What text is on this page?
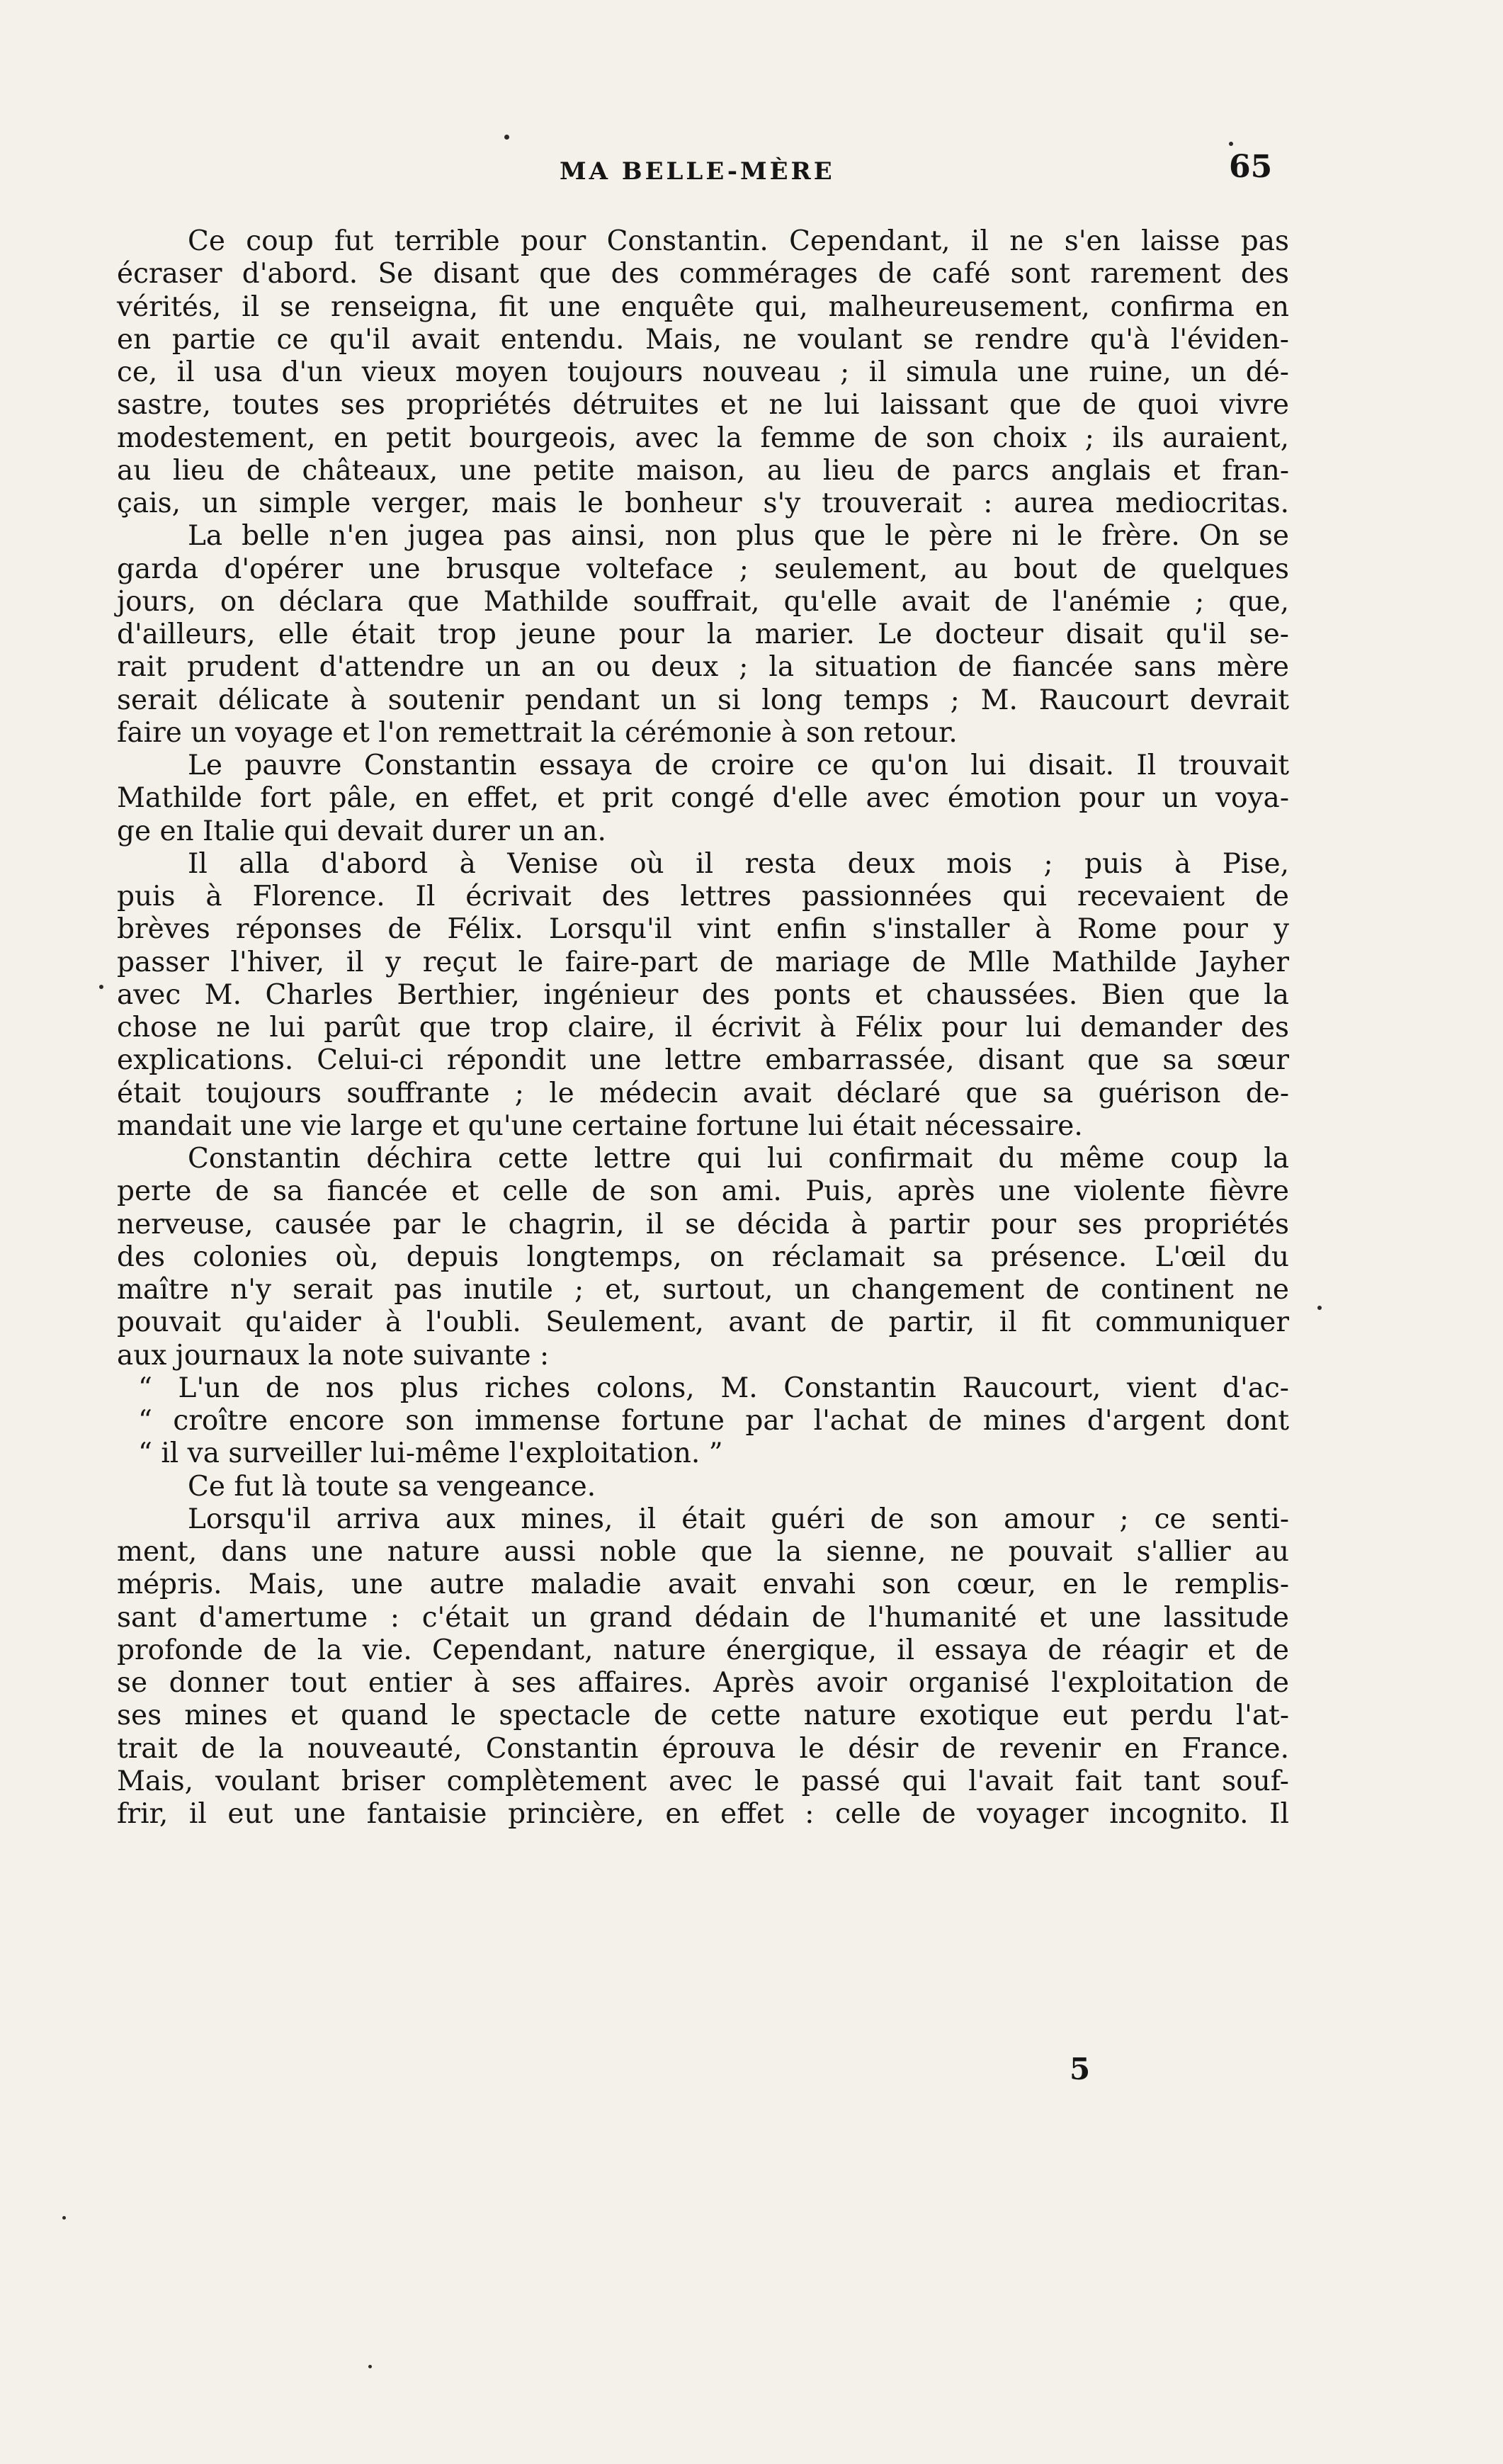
MA BELLE-MÈRE	65
Ce coup fut terrible pour Constantin. Cependant, il ne s'en laisse pas
écraser d'abord. Se disant que des commérages de café sont rarement des
vérités, il se renseigna, fit une enquête qui, malheureusement, confirma en
en partie ce qu'il avait entendu. Mais, ne voulant se rendre qu'à l'éviden-
ce, il usa d'un vieux moyen toujours nouveau ; il simula une ruine, un dé-
sastre, toutes ses propriétés détruites et ne lui laissant que de quoi vivre
modestement, en petit bourgeois, avec la femme de son choix ; ils auraient,
au lieu de châteaux, une petite maison, au lieu de parcs anglais et fran-
çais, un simple verger, mais le bonheur s'y trouverait : aurea mediocritas.
La belle n'en jugea pas ainsi, non plus que le père ni le frère. On se
garda d'opérer une brusque volteface ; seulement, au bout de quelques
jours, on déclara que Mathilde souffrait, qu'elle avait de l'anémie ; que,
d'ailleurs, elle était trop jeune pour la marier. Le docteur disait qu'il se-
rait prudent d'attendre un an ou deux ; la situation de fiancée sans mère
serait délicate à soutenir pendant un si long temps ; M. Raucourt devrait
faire un voyage et l'on remettrait la cérémonie à son retour.
Le pauvre Constantin essaya de croire ce qu'on lui disait. Il trouvait
Mathilde fort pâle, en effet, et prit congé d'elle avec émotion pour un voya-
ge en Italie qui devait durer un an.
Il alla d'abord à Venise où il resta deux mois ; puis à Pise,
puis à Florence. Il écrivait des lettres passionnées qui recevaient de
brèves réponses de Félix. Lorsqu'il vint enfin s'installer à Rome pour y
passer l'hiver, il y reçut le faire-part de mariage de Mlle Mathilde Jayher
avec M. Charles Berthier, ingénieur des ponts et chaussées. Bien que la
chose ne lui parût que trop claire, il écrivit à Félix pour lui demander des
explications. Celui-ci répondit une lettre embarrassée, disant que sa sœur
était toujours souffrante ; le médecin avait déclaré que sa guérison de-
mandait une vie large et qu'une certaine fortune lui était nécessaire.
Constantin déchira cette lettre qui lui confirmait du même coup la
perte de sa fiancée et celle de son ami. Puis, après une violente fièvre
nerveuse, causée par le chagrin, il se décida à partir pour ses propriétés
des colonies où, depuis longtemps, on réclamait sa présence. L'œil du
maître n'y serait pas inutile ; et, surtout, un changement de continent ne
pouvait qu'aider à l'oubli. Seulement, avant de partir, il fit communiquer
aux journaux la note suivante :
“ L'un de nos plus riches colons, M. Constantin Raucourt, vient d'ac-
“ croître encore son immense fortune par l'achat de mines d'argent dont
“ il va surveiller lui-même l'exploitation. ”
Ce fut là toute sa vengeance.
Lorsqu'il arriva aux mines, il était guéri de son amour ; ce senti-
ment, dans une nature aussi noble que la sienne, ne pouvait s'allier au
mépris. Mais, une autre maladie avait envahi son cœur, en le remplis-
sant d'amertume : c'était un grand dédain de l'humanité et une lassitude
profonde de la vie. Cependant, nature énergique, il essaya de réagir et de
se donner tout entier à ses affaires. Après avoir organisé l'exploitation de
ses mines et quand le spectacle de cette nature exotique eut perdu l'at-
trait de la nouveauté, Constantin éprouva le désir de revenir en France.
Mais, voulant briser complètement avec le passé qui l'avait fait tant souf-
frir, il eut une fantaisie princière, en effet : celle de voyager incognito. Il
5
